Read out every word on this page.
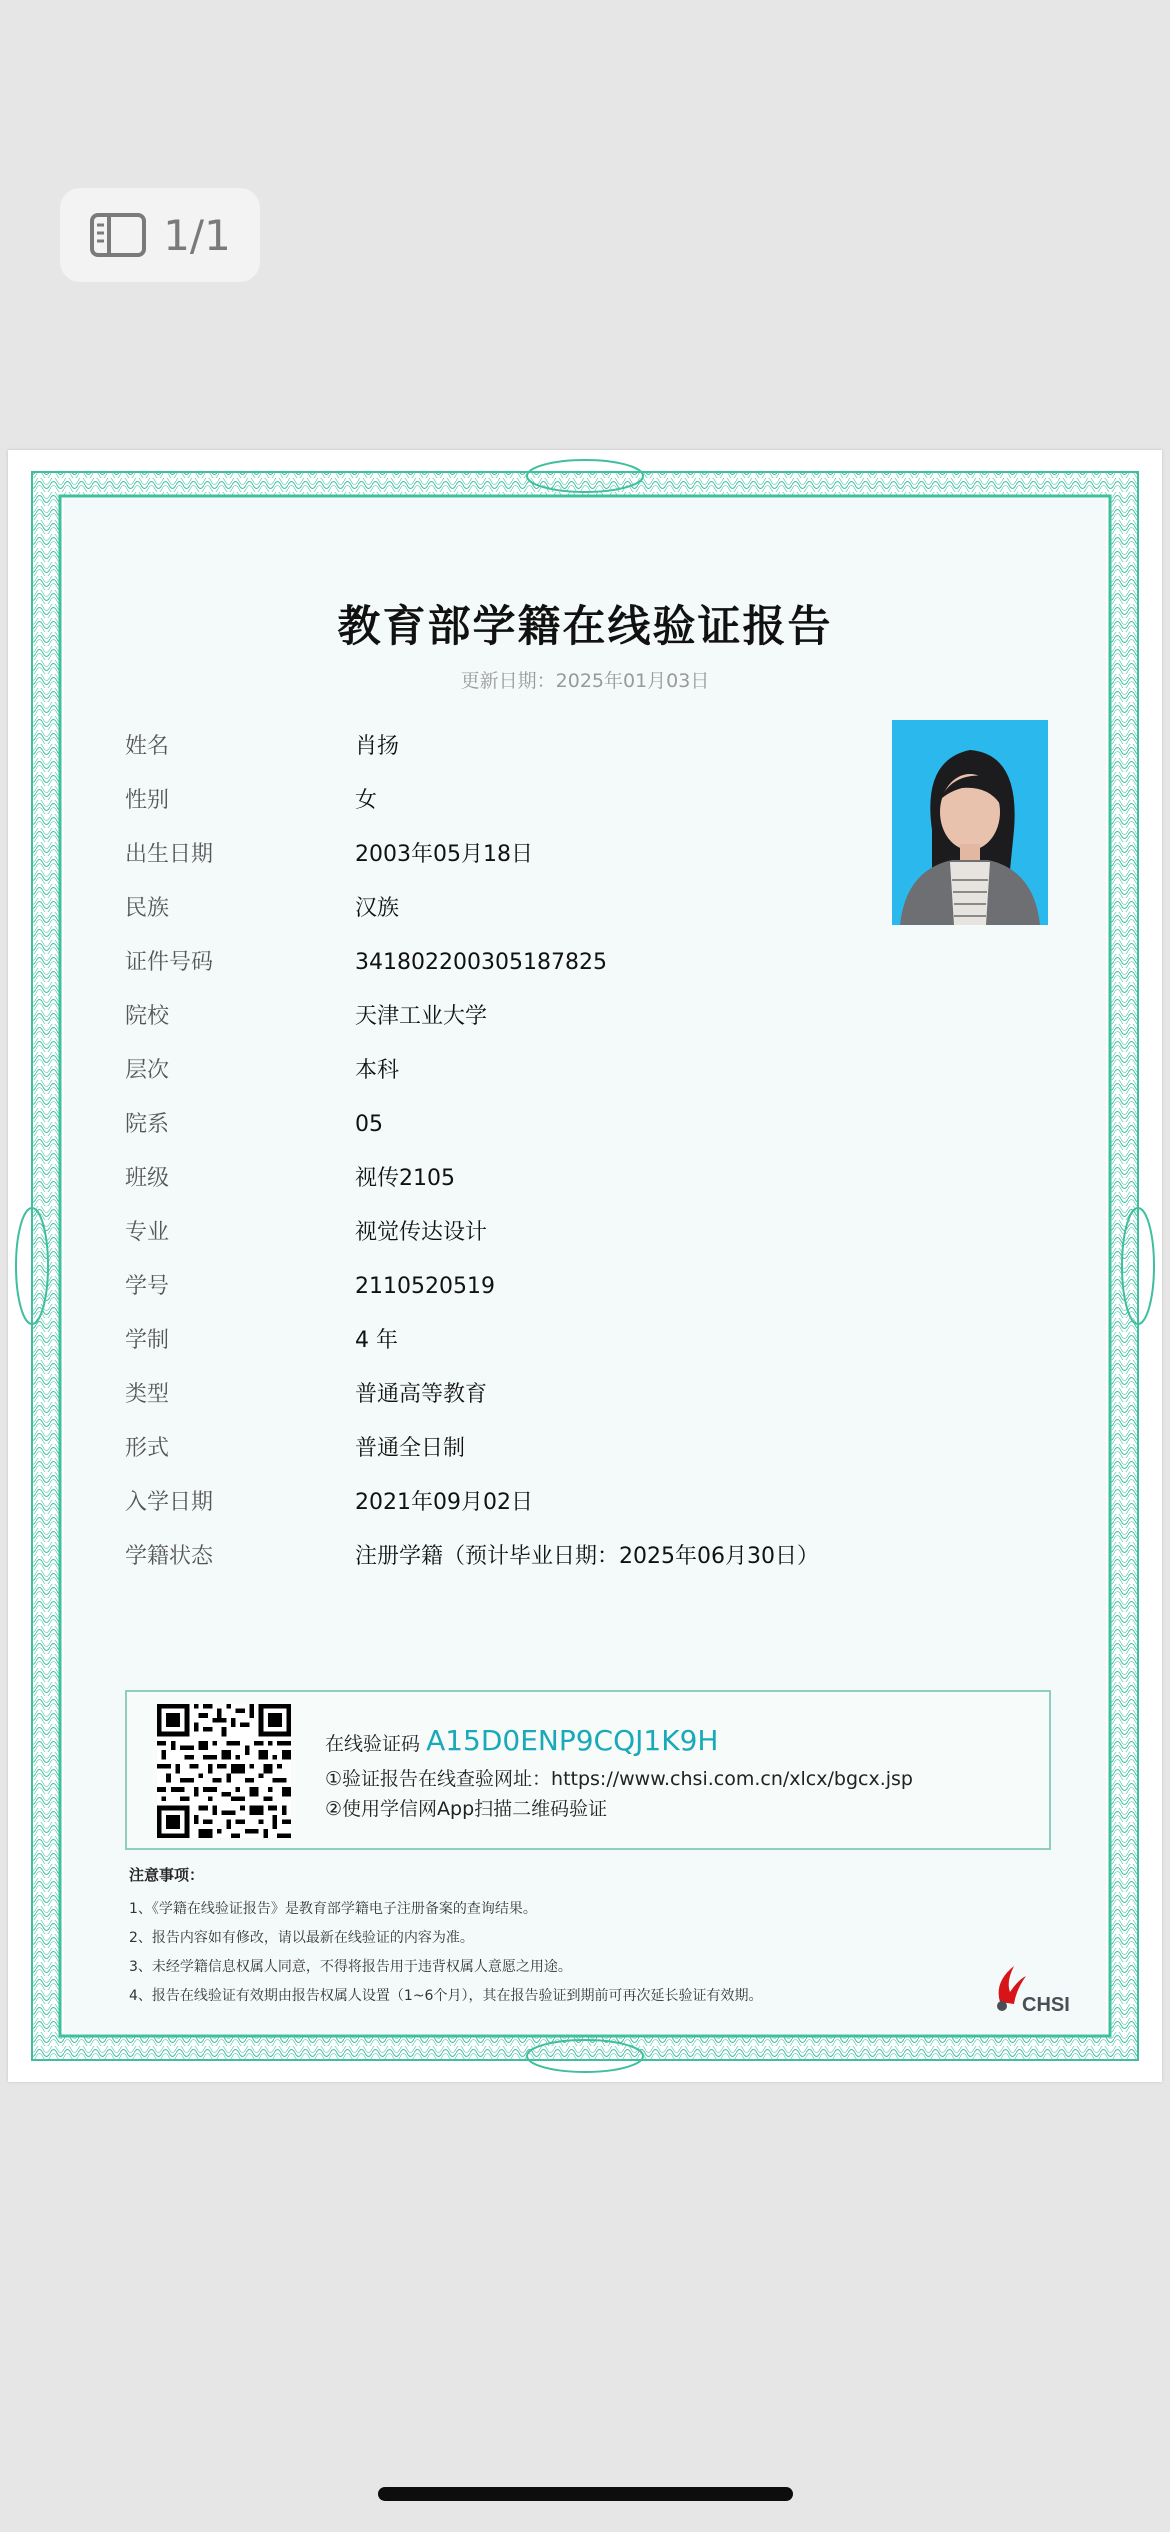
1/1
教育部学籍在线验证报告
更新日期：2025年01月03日
姓名	肖扬
性别	女
出生日期	2003年05月18日
民族	汉族
证件号码	341802200305187825
院校	天津工业大学
层次	本科
院系	05
班级	视传2105
专业	视觉传达设计
学号	2110520519
学制	4 年
类型	普通高等教育
形式	普通全日制
入学日期	2021年09月02日
学籍状态	注册学籍（预计毕业日期：2025年06月30日）
在线验证码 A15D0ENP9CQJ1K9H
①验证报告在线查验网址：https://www.chsi.com.cn/xlcx/bgcx.jsp
②使用学信网App扫描二维码验证
注意事项：
1、《学籍在线验证报告》是教育部学籍电子注册备案的查询结果。
2、报告内容如有修改，请以最新在线验证的内容为准。
3、未经学籍信息权属人同意，不得将报告用于违背权属人意愿之用途。
4、报告在线验证有效期由报告权属人设置（1~6个月），其在报告验证到期前可再次延长验证有效期。	CHSI
